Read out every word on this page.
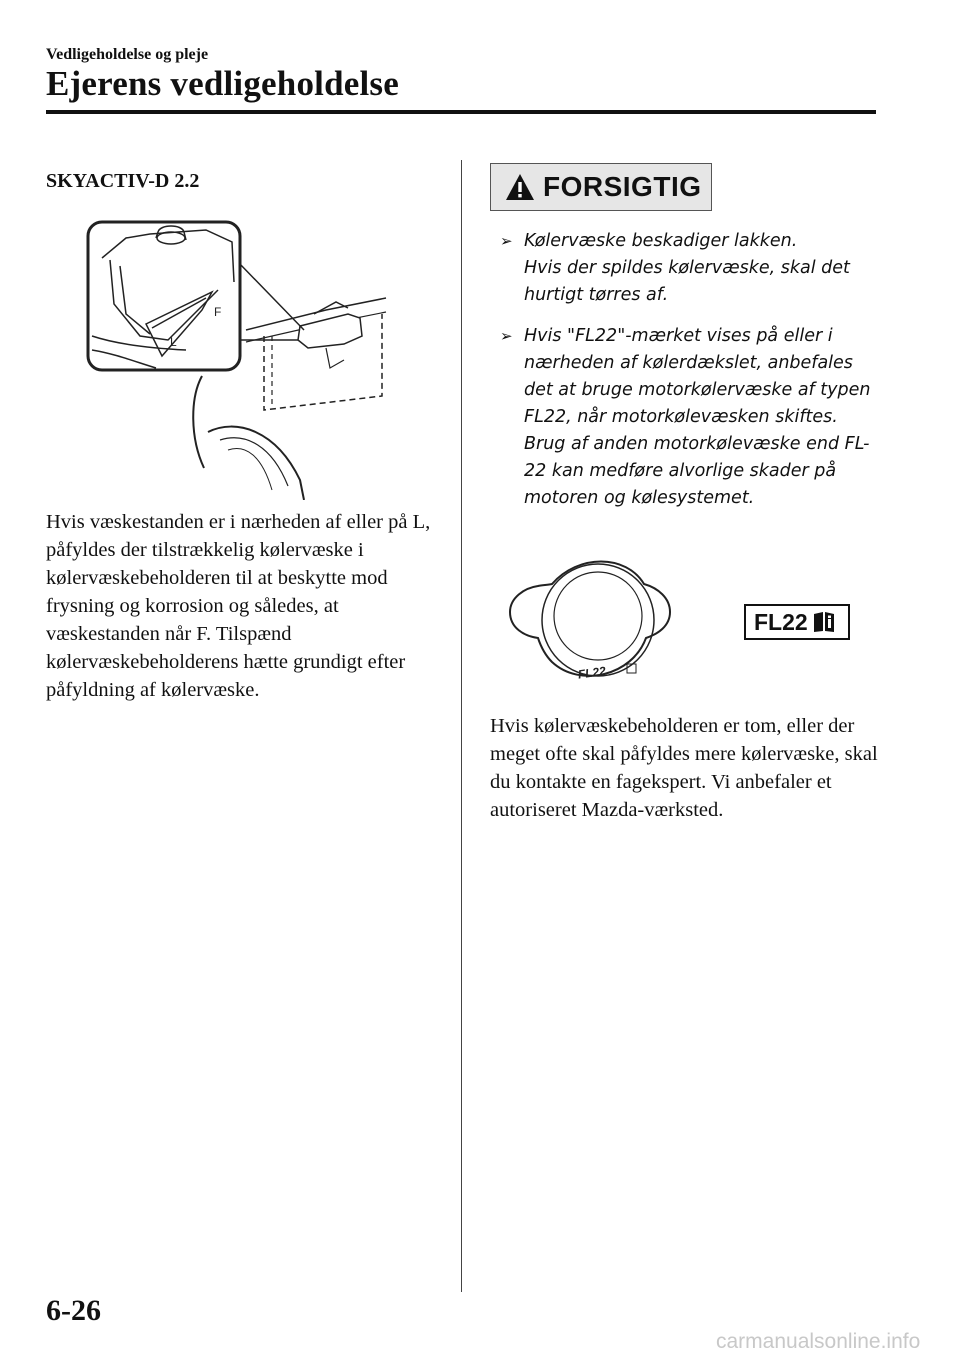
Vedligeholdelse og pleje
Ejerens vedligeholdelse
SKYACTIV-D 2.2
F
L

Hvis væskestanden er i nærheden af eller på L, påfyldes der tilstrækkelig kølervæske i kølervæskebeholderen til at beskytte mod frysning og korrosion og således, at væskestanden når F. Tilspænd kølervæskebeholderens hætte grundigt efter påfyldning af kølervæske.

FORSIGTIG
➢ Kølervæske beskadiger lakken.
Hvis der spildes kølervæske, skal det hurtigt tørres af.
➢ Hvis "FL22"-mærket vises på eller i nærheden af kølerdækslet, anbefales det at bruge motorkølervæske af typen FL22, når motorkølevæsken skiftes. Brug af anden motorkølevæske end FL-22 kan medføre alvorlige skader på motoren og kølesystemet.
FL22
FL22

Hvis kølervæskebeholderen er tom, eller der meget ofte skal påfyldes mere kølervæske, skal du kontakte en fagekspert. Vi anbefaler et autoriseret Mazda-værksted.

6-26
carmanualsonline.info
